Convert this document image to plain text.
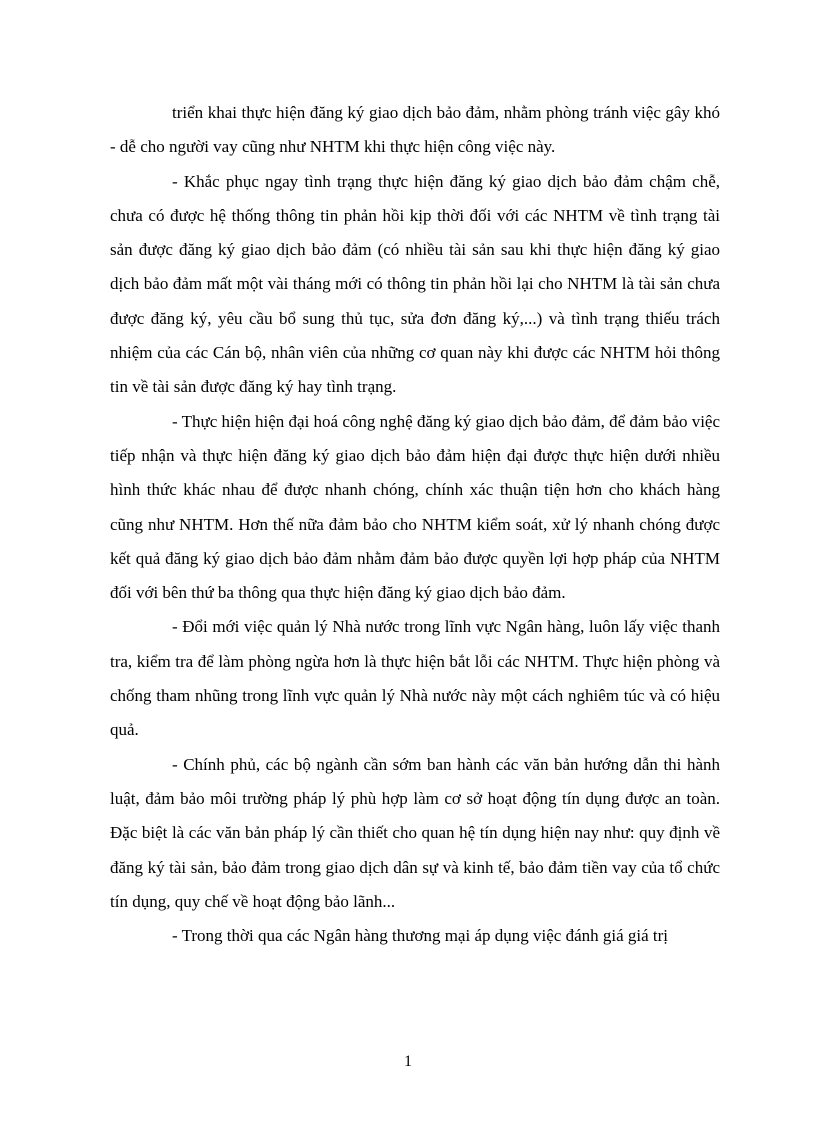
triển khai thực hiện đăng ký giao dịch bảo đảm, nhằm phòng tránh việc gây khó - dễ cho người vay cũng như NHTM khi thực hiện công việc này.

- Khắc phục ngay tình trạng thực hiện đăng ký giao dịch bảo đảm chậm chễ, chưa có được hệ thống thông tin phản hồi kịp thời đối với các NHTM về tình trạng tài sản được đăng ký giao dịch bảo đảm (có nhiều tài sản sau khi thực hiện đăng ký giao dịch bảo đảm mất một vài tháng mới có thông tin phản hồi lại cho NHTM là tài sản chưa được đăng ký, yêu cầu bổ sung thủ tục, sửa đơn đăng ký,...) và tình trạng thiếu trách nhiệm của các Cán bộ, nhân viên của những cơ quan này khi được các NHTM hỏi thông tin về tài sản được đăng ký hay tình trạng.

- Thực hiện hiện đại hoá công nghệ đăng ký giao dịch bảo đảm, để đảm bảo việc tiếp nhận và thực hiện đăng ký giao dịch bảo đảm hiện đại được thực hiện dưới nhiều hình thức khác nhau để được nhanh chóng, chính xác thuận tiện hơn cho khách hàng cũng như NHTM. Hơn thế nữa đảm bảo cho NHTM kiểm soát, xử lý nhanh chóng được kết quả đăng ký giao dịch bảo đảm nhằm đảm bảo được quyền lợi hợp pháp của NHTM đối với bên thứ ba thông qua thực hiện đăng ký giao dịch bảo đảm.

- Đổi mới việc quản lý Nhà nước trong lĩnh vực Ngân hàng, luôn lấy việc thanh tra, kiểm tra để làm phòng ngừa hơn là thực hiện bắt lỗi các NHTM. Thực hiện phòng và chống tham nhũng trong lĩnh vực quản lý Nhà nước này một cách nghiêm túc và có hiệu quả.

- Chính phủ, các bộ ngành cần sớm ban hành các văn bản hướng dẫn thi hành luật, đảm bảo môi trường pháp lý phù hợp làm cơ sở hoạt động tín dụng được an toàn. Đặc biệt là các văn bản pháp lý cần thiết cho quan hệ tín dụng hiện nay như: quy định về đăng ký tài sản, bảo đảm trong giao dịch dân sự và kinh tế, bảo đảm tiền vay của tổ chức tín dụng, quy chế về hoạt động bảo lãnh...

- Trong thời qua các Ngân hàng thương mại áp dụng việc đánh giá giá trị

1
